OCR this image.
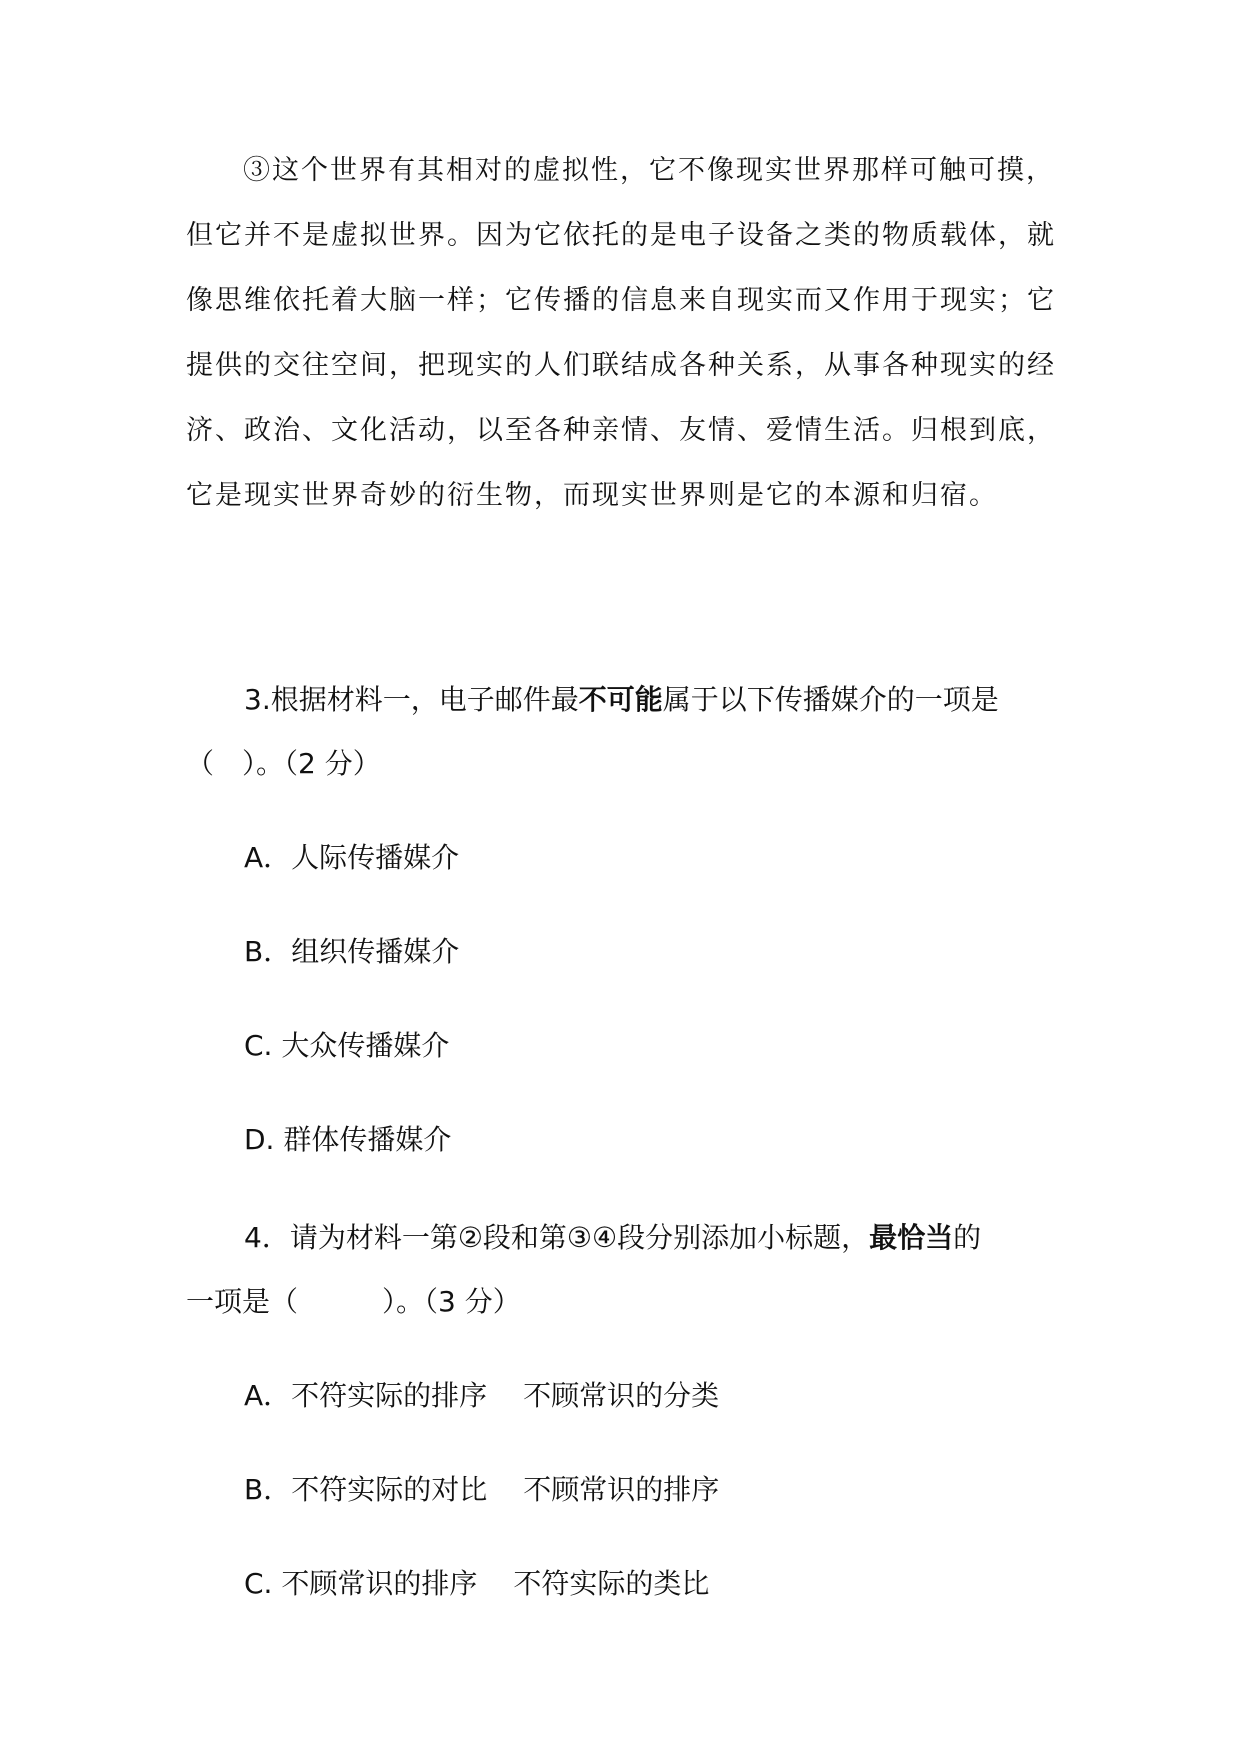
③这个世界有其相对的虚拟性，它不像现实世界那样可触可摸，
但它并不是虚拟世界。因为它依托的是电子设备之类的物质载体，就
像思维依托着大脑一样；它传播的信息来自现实而又作用于现实；它
提供的交往空间，把现实的人们联结成各种关系，从事各种现实的经
济、政治、文化活动，以至各种亲情、友情、爱情生活。归根到底，
它是现实世界奇妙的衍生物，而现实世界则是它的本源和归宿。
3.根据材料一，电子邮件最不可能属于以下传播媒介的一项是
（　）。（2 分）
A．人际传播媒介
B．组织传播媒介
C. 大众传播媒介
D. 群体传播媒介
4．请为材料一第②段和第③④段分别添加小标题，最恰当的
一项是（　　　）。（3 分）
A．不符实际的排序 不顾常识的分类
B．不符实际的对比 不顾常识的排序
C. 不顾常识的排序 不符实际的类比
